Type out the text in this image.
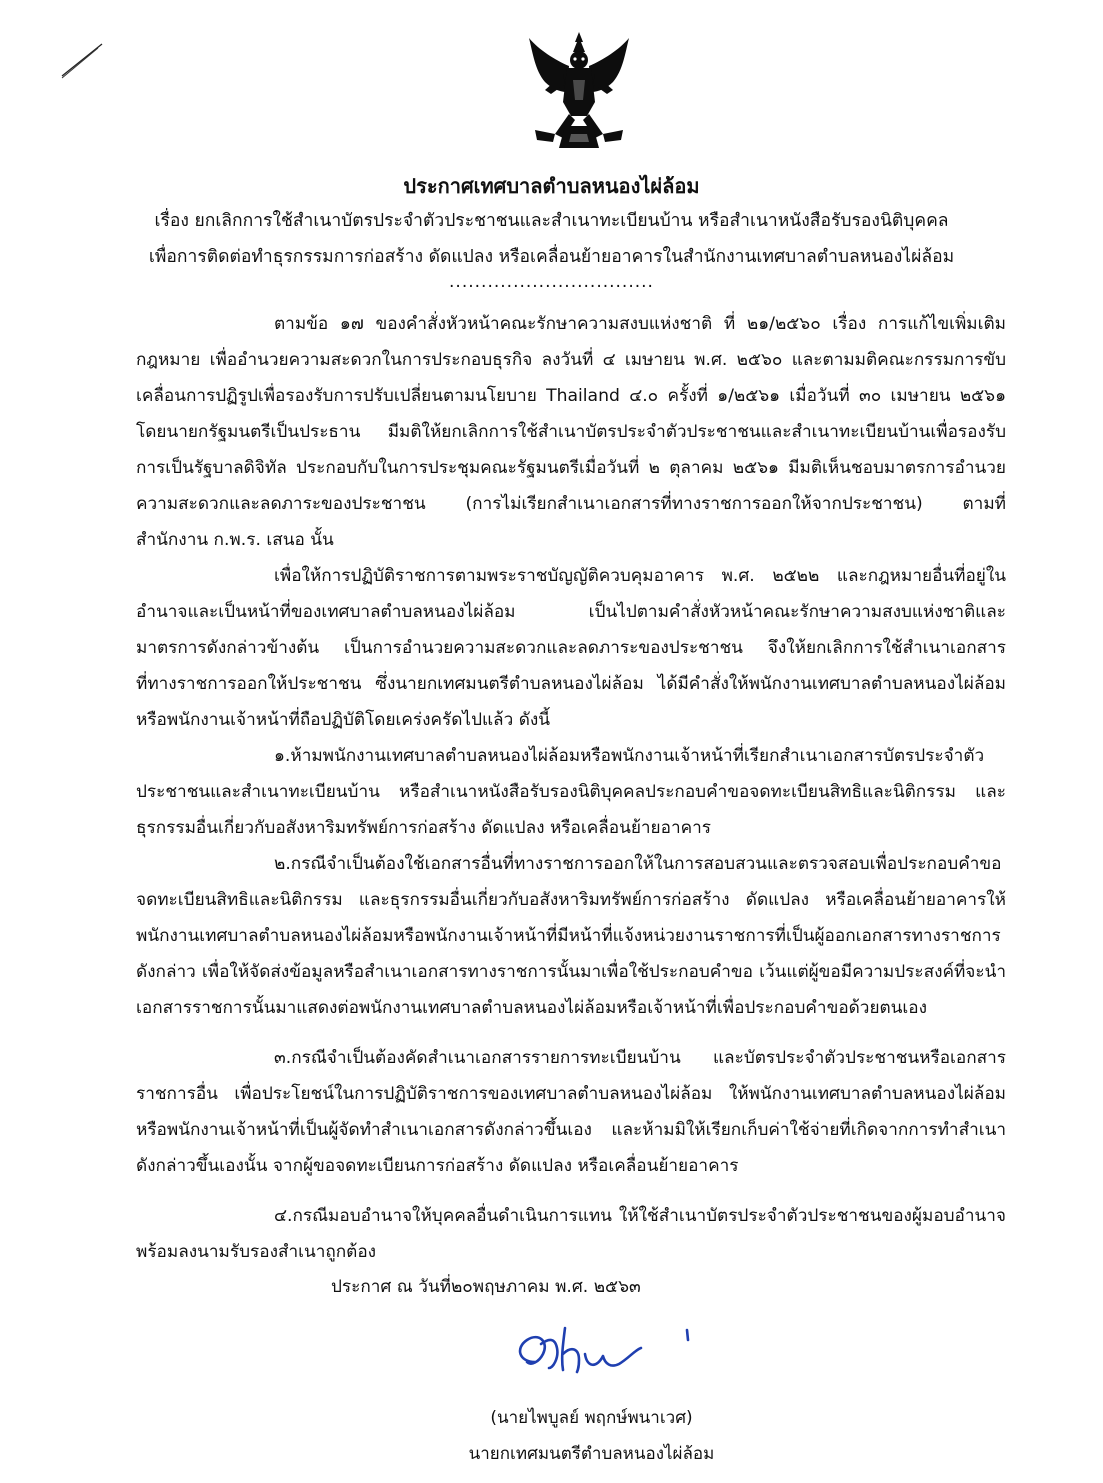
ประกาศเทศบาลตำบลหนองไผ่ล้อม
เรื่อง ยกเลิกการใช้สำเนาบัตรประจำตัวประชาชนและสำเนาทะเบียนบ้าน หรือสำเนาหนังสือรับรองนิติบุคคล
เพื่อการติดต่อทำธุรกรรมการก่อสร้าง ดัดแปลง หรือเคลื่อนย้ายอาคารในสำนักงานเทศบาลตำบลหนองไผ่ล้อม
................................

ตามข้อ ๑๗ ของคำสั่งหัวหน้าคณะรักษาความสงบแห่งชาติ ที่ ๒๑/๒๕๖๐ เรื่อง การแก้ไขเพิ่มเติมกฎหมาย เพื่ออำนวยความสะดวกในการประกอบธุรกิจ ลงวันที่ ๔ เมษายน พ.ศ. ๒๕๖๐ และตามมติคณะกรรมการขับเคลื่อนการปฏิรูปเพื่อรองรับการปรับเปลี่ยนตามนโยบาย Thailand ๔.๐ ครั้งที่ ๑/๒๕๖๑ เมื่อวันที่ ๓๐ เมษายน ๒๕๖๑ โดยนายกรัฐมนตรีเป็นประธาน มีมติให้ยกเลิกการใช้สำเนาบัตรประจำตัวประชาชนและสำเนาทะเบียนบ้านเพื่อรองรับการเป็นรัฐบาลดิจิทัล ประกอบกับในการประชุมคณะรัฐมนตรีเมื่อวันที่ ๒ ตุลาคม ๒๕๖๑ มีมติเห็นชอบมาตรการอำนวยความสะดวกและลดภาระของประชาชน (การไม่เรียกสำเนาเอกสารที่ทางราชการออกให้จากประชาชน) ตามที่สำนักงาน ก.พ.ร. เสนอ นั้น

เพื่อให้การปฏิบัติราชการตามพระราชบัญญัติควบคุมอาคาร พ.ศ. ๒๕๒๒ และกฎหมายอื่นที่อยู่ในอำนาจและเป็นหน้าที่ของเทศบาลตำบลหนองไผ่ล้อม เป็นไปตามคำสั่งหัวหน้าคณะรักษาความสงบแห่งชาติและมาตรการดังกล่าวข้างต้น เป็นการอำนวยความสะดวกและลดภาระของประชาชน จึงให้ยกเลิกการใช้สำเนาเอกสารที่ทางราชการออกให้ประชาชน ซึ่งนายกเทศมนตรีตำบลหนองไผ่ล้อม ได้มีคำสั่งให้พนักงานเทศบาลตำบลหนองไผ่ล้อมหรือพนักงานเจ้าหน้าที่ถือปฏิบัติโดยเคร่งครัดไปแล้ว ดังนี้

๑.ห้ามพนักงานเทศบาลตำบลหนองไผ่ล้อมหรือพนักงานเจ้าหน้าที่เรียกสำเนาเอกสารบัตรประจำตัวประชาชนและสำเนาทะเบียนบ้าน หรือสำเนาหนังสือรับรองนิติบุคคลประกอบคำขอจดทะเบียนสิทธิและนิติกรรม และธุรกรรมอื่นเกี่ยวกับอสังหาริมทรัพย์การก่อสร้าง ดัดแปลง หรือเคลื่อนย้ายอาคาร

๒.กรณีจำเป็นต้องใช้เอกสารอื่นที่ทางราชการออกให้ในการสอบสวนและตรวจสอบเพื่อประกอบคำขอจดทะเบียนสิทธิและนิติกรรม และธุรกรรมอื่นเกี่ยวกับอสังหาริมทรัพย์การก่อสร้าง ดัดแปลง หรือเคลื่อนย้ายอาคารให้พนักงานเทศบาลตำบลหนองไผ่ล้อมหรือพนักงานเจ้าหน้าที่มีหน้าที่แจ้งหน่วยงานราชการที่เป็นผู้ออกเอกสารทางราชการดังกล่าว เพื่อให้จัดส่งข้อมูลหรือสำเนาเอกสารทางราชการนั้นมาเพื่อใช้ประกอบคำขอ เว้นแต่ผู้ขอมีความประสงค์ที่จะนำเอกสารราชการนั้นมาแสดงต่อพนักงานเทศบาลตำบลหนองไผ่ล้อมหรือเจ้าหน้าที่เพื่อประกอบคำขอด้วยตนเอง

๓.กรณีจำเป็นต้องคัดสำเนาเอกสารรายการทะเบียนบ้าน และบัตรประจำตัวประชาชนหรือเอกสารราชการอื่น เพื่อประโยชน์ในการปฏิบัติราชการของเทศบาลตำบลหนองไผ่ล้อม ให้พนักงานเทศบาลตำบลหนองไผ่ล้อมหรือพนักงานเจ้าหน้าที่เป็นผู้จัดทำสำเนาเอกสารดังกล่าวขึ้นเอง และห้ามมิให้เรียกเก็บค่าใช้จ่ายที่เกิดจากการทำสำเนาดังกล่าวขึ้นเองนั้น จากผู้ขอจดทะเบียนการก่อสร้าง ดัดแปลง หรือเคลื่อนย้ายอาคาร

๔.กรณีมอบอำนาจให้บุคคลอื่นดำเนินการแทน ให้ใช้สำเนาบัตรประจำตัวประชาชนของผู้มอบอำนาจพร้อมลงนามรับรองสำเนาถูกต้อง

ประกาศ ณ วันที่๒๐พฤษภาคม พ.ศ. ๒๕๖๓
(นายไพบูลย์ พฤกษ์พนาเวศ)
นายกเทศมนตรีตำบลหนองไผ่ล้อม
